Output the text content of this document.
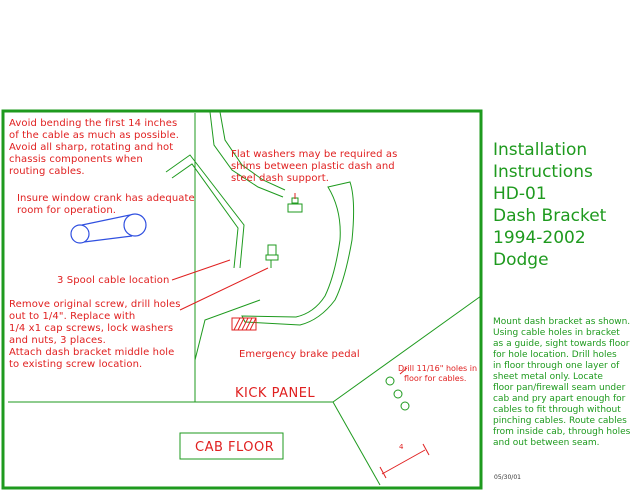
Avoid bending the first 14 inches of the cable as much as possible. Avoid all sharp, rotating and hot chassis components when routing cables.
Insure window crank has adequate room for operation.
Flat washers may be required as shims between plastic dash and steel dash support.
3 Spool cable location
Remove original screw, drill holes out to 1/4". Replace with 1/4 x1 cap screws, lock washers and nuts, 3 places. Attach dash bracket middle hole to existing screw location.
Emergency brake pedal
Drill 11/16" holes in floor for cables.
4
KICK PANEL
CAB FLOOR
Installation Instructions HD-01 Dash Bracket 1994-2002 Dodge
Mount dash bracket as shown. Using cable holes in bracket as a guide, sight towards floor for hole location. Drill holes in floor through one layer of sheet metal only. Locate floor pan/firewall seam under cab and pry apart enough for cables to fit through without pinching cables. Route cables from inside cab, through holes and out between seam.
05/30/01
